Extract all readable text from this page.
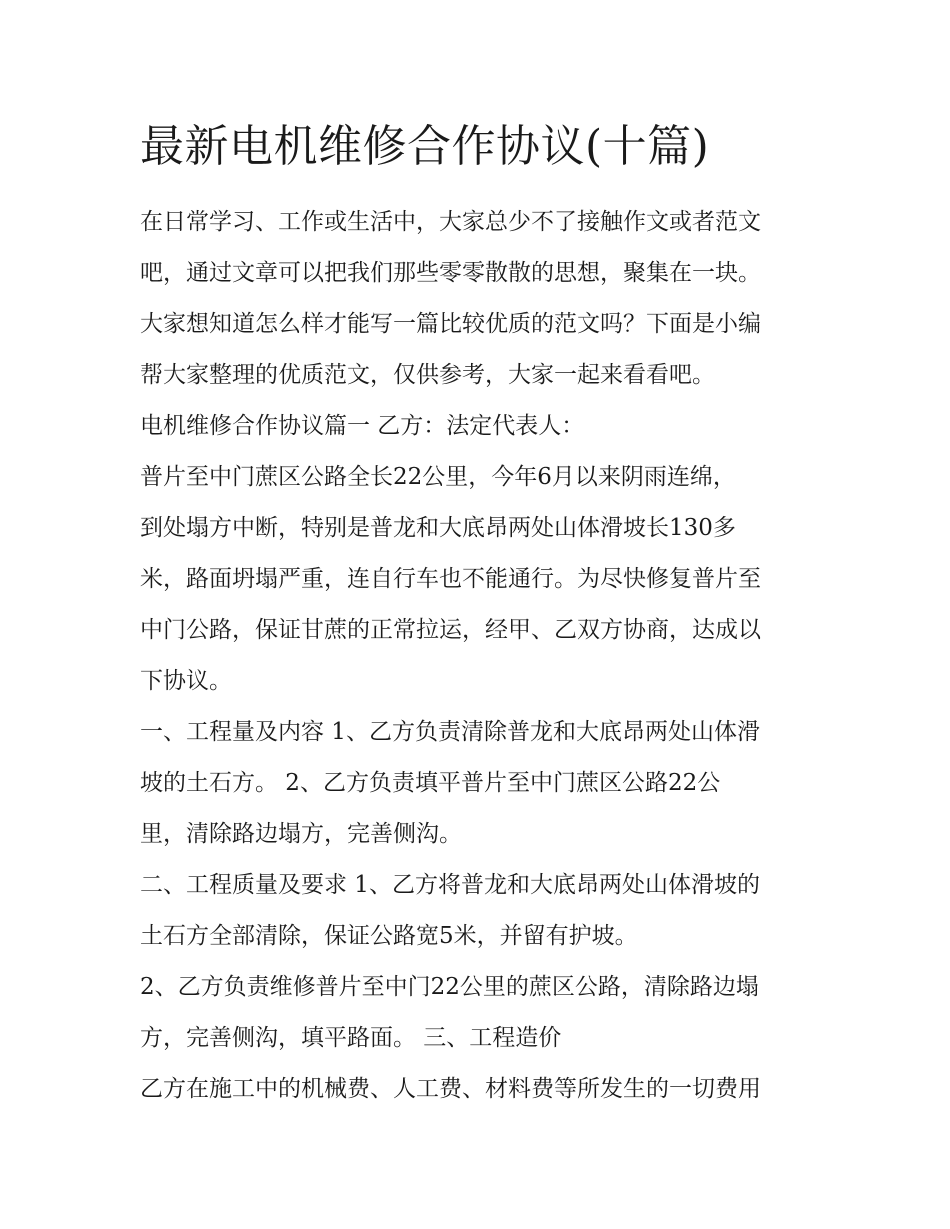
最新电机维修合作协议(十篇)

在日常学习、工作或生活中，大家总少不了接触作文或者范文

吧，通过文章可以把我们那些零零散散的思想，聚集在一块。

大家想知道怎么样才能写一篇比较优质的范文吗？下面是小编

帮大家整理的优质范文，仅供参考，大家一起来看看吧。

电机维修合作协议篇一 乙方：法定代表人：

普片至中门蔗区公路全长22公里，今年6月以来阴雨连绵，

到处塌方中断，特别是普龙和大底昂两处山体滑坡长130多

米，路面坍塌严重，连自行车也不能通行。为尽快修复普片至

中门公路，保证甘蔗的正常拉运，经甲、乙双方协商，达成以

下协议。

一、工程量及内容 1、乙方负责清除普龙和大底昂两处山体滑

坡的土石方。 2、乙方负责填平普片至中门蔗区公路22公

里，清除路边塌方，完善侧沟。

二、工程质量及要求 1、乙方将普龙和大底昂两处山体滑坡的

土石方全部清除，保证公路宽5米，并留有护坡。

2、乙方负责维修普片至中门22公里的蔗区公路，清除路边塌

方，完善侧沟，填平路面。 三、工程造价

乙方在施工中的机械费、人工费、材料费等所发生的一切费用
